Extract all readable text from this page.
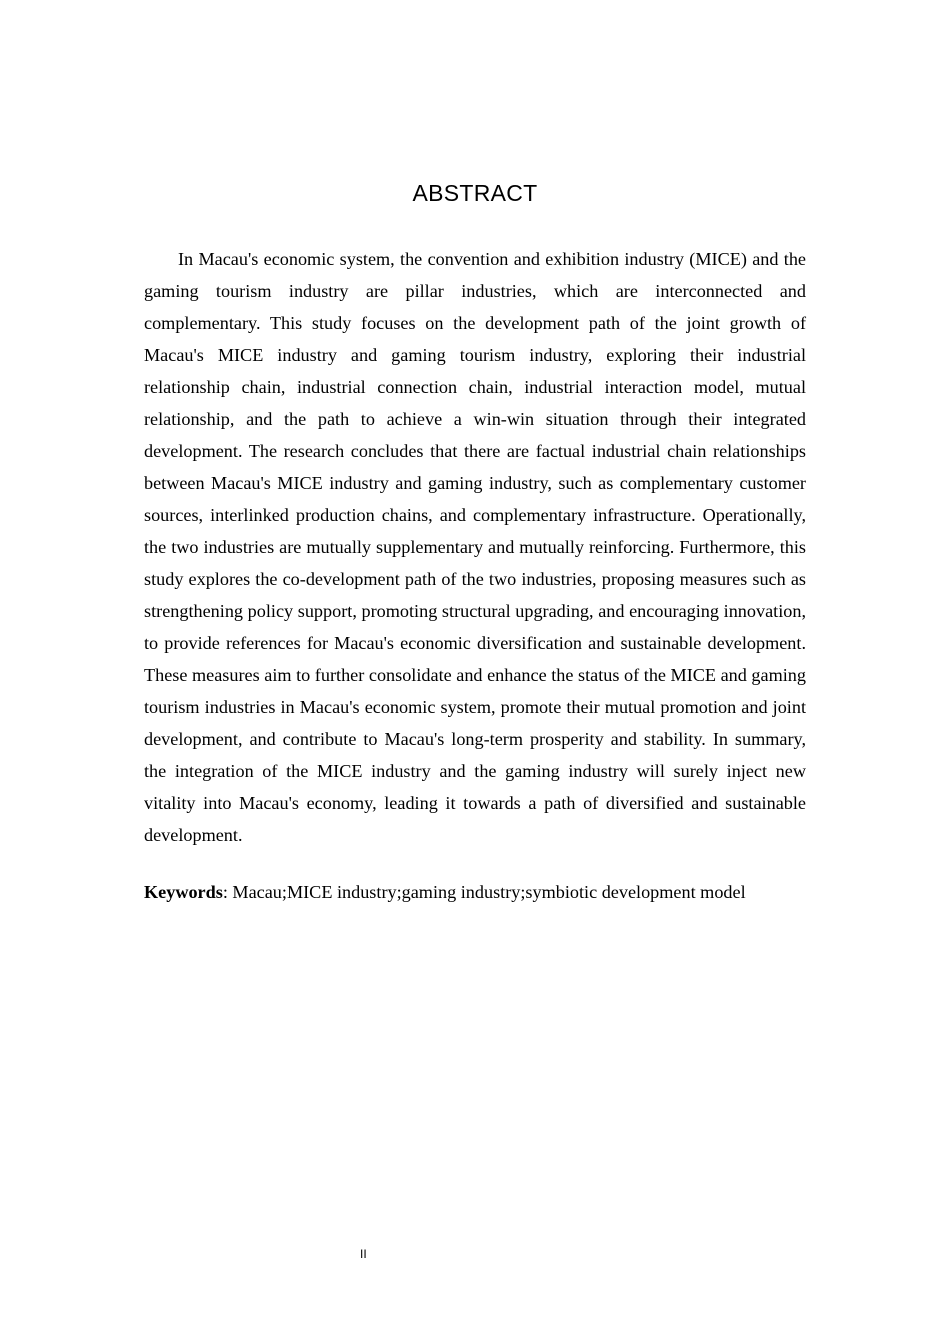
ABSTRACT

In Macau's economic system, the convention and exhibition industry (MICE) and the gaming tourism industry are pillar industries, which are interconnected and complementary. This study focuses on the development path of the joint growth of Macau's MICE industry and gaming tourism industry, exploring their industrial relationship chain, industrial connection chain, industrial interaction model, mutual relationship, and the path to achieve a win-win situation through their integrated development. The research concludes that there are factual industrial chain relationships between Macau's MICE industry and gaming industry, such as complementary customer sources, interlinked production chains, and complementary infrastructure. Operationally, the two industries are mutually supplementary and mutually reinforcing. Furthermore, this study explores the co-development path of the two industries, proposing measures such as strengthening policy support, promoting structural upgrading, and encouraging innovation, to provide references for Macau's economic diversification and sustainable development. These measures aim to further consolidate and enhance the status of the MICE and gaming tourism industries in Macau's economic system, promote their mutual promotion and joint development, and contribute to Macau's long-term prosperity and stability. In summary, the integration of the MICE industry and the gaming industry will surely inject new vitality into Macau's economy, leading it towards a path of diversified and sustainable development.

Keywords: Macau;MICE industry;gaming industry;symbiotic development model

II
